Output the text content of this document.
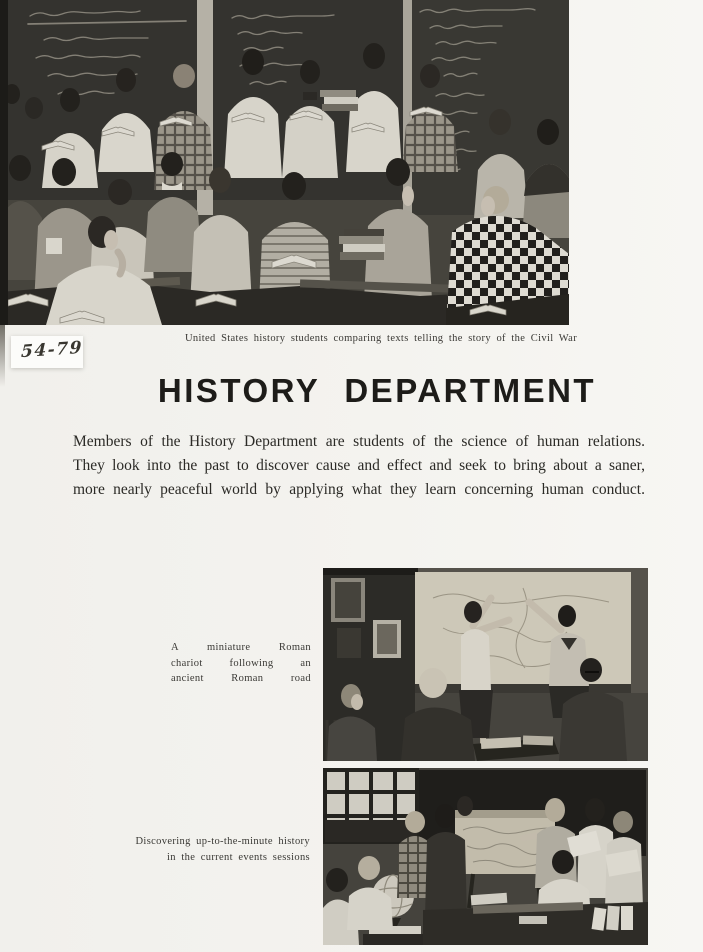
United States history students comparing texts telling the story of the Civil War
54-79
HISTORY DEPARTMENT
Members of the History Department are students of the science of human relations.
They look into the past to discover cause and effect and seek to bring about a saner,
more nearly peaceful world by applying what they learn concerning human conduct.
A miniature Roman
chariot following an
ancient Roman road
Discovering up-to-the-minute history
in the current events sessions
